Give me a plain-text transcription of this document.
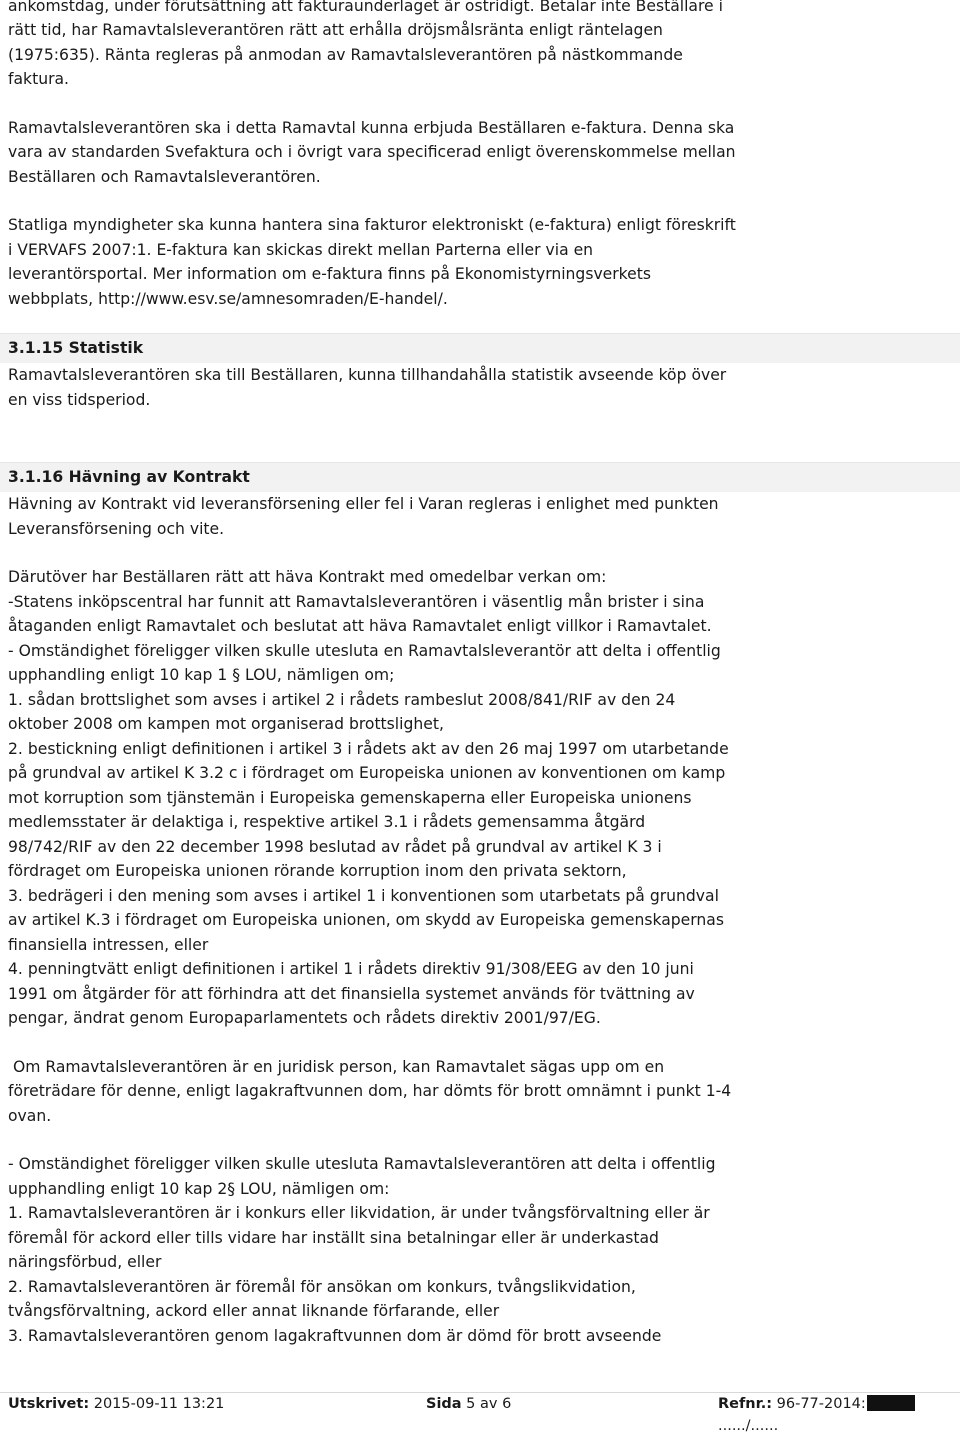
ankomstdag, under förutsättning att fakturaunderlaget är ostridigt. Betalar inte Beställare i

rätt tid, har Ramavtalsleverantören rätt att erhålla dröjsmålsränta enligt räntelagen

(1975:635). Ränta regleras på anmodan av Ramavtalsleverantören på nästkommande

faktura.

Ramavtalsleverantören ska i detta Ramavtal kunna erbjuda Beställaren e-faktura. Denna ska

vara av standarden Svefaktura och i övrigt vara specificerad enligt överenskommelse mellan

Beställaren och Ramavtalsleverantören.

Statliga myndigheter ska kunna hantera sina fakturor elektroniskt (e-faktura) enligt föreskrift

i VERVAFS 2007:1. E-faktura kan skickas direkt mellan Parterna eller via en

leverantörsportal. Mer information om e-faktura finns på Ekonomistyrningsverkets

webbplats, http://www.esv.se/amnesomraden/E-handel/.

3.1.15 Statistik

Ramavtalsleverantören ska till Beställaren, kunna tillhandahålla statistik avseende köp över

en viss tidsperiod.

3.1.16 Hävning av Kontrakt

Hävning av Kontrakt vid leveransförsening eller fel i Varan regleras i enlighet med punkten

Leveransförsening och vite.

Därutöver har Beställaren rätt att häva Kontrakt med omedelbar verkan om:

-Statens inköpscentral har funnit att Ramavtalsleverantören i väsentlig mån brister i sina

åtaganden enligt Ramavtalet och beslutat att häva Ramavtalet enligt villkor i Ramavtalet.

- Omständighet föreligger vilken skulle utesluta en Ramavtalsleverantör att delta i offentlig

upphandling enligt 10 kap 1 § LOU, nämligen om;

1. sådan brottslighet som avses i artikel 2 i rådets rambeslut 2008/841/RIF av den 24

oktober 2008 om kampen mot organiserad brottslighet,

2. bestickning enligt definitionen i artikel 3 i rådets akt av den 26 maj 1997 om utarbetande

på grundval av artikel K 3.2 c i fördraget om Europeiska unionen av konventionen om kamp

mot korruption som tjänstemän i Europeiska gemenskaperna eller Europeiska unionens

medlemsstater är delaktiga i, respektive artikel 3.1 i rådets gemensamma åtgärd

98/742/RIF av den 22 december 1998 beslutad av rådet på grundval av artikel K 3 i

fördraget om Europeiska unionen rörande korruption inom den privata sektorn,

3. bedrägeri i den mening som avses i artikel 1 i konventionen som utarbetats på grundval

av artikel K.3 i fördraget om Europeiska unionen, om skydd av Europeiska gemenskapernas

finansiella intressen, eller

4. penningtvätt enligt definitionen i artikel 1 i rådets direktiv 91/308/EEG av den 10 juni

1991 om åtgärder för att förhindra att det finansiella systemet används för tvättning av

pengar, ändrat genom Europaparlamentets och rådets direktiv 2001/97/EG.

Om Ramavtalsleverantören är en juridisk person, kan Ramavtalet sägas upp om en

företrädare för denne, enligt lagakraftvunnen dom, har dömts för brott omnämnt i punkt 1-4

ovan.

- Omständighet föreligger vilken skulle utesluta Ramavtalsleverantören att delta i offentlig

upphandling enligt 10 kap 2§ LOU, nämligen om:

1. Ramavtalsleverantören är i konkurs eller likvidation, är under tvångsförvaltning eller är

föremål för ackord eller tills vidare har inställt sina betalningar eller är underkastad

näringsförbud, eller

2. Ramavtalsleverantören är föremål för ansökan om konkurs, tvångslikvidation,

tvångsförvaltning, ackord eller annat liknande förfarande, eller

3. Ramavtalsleverantören genom lagakraftvunnen dom är dömd för brott avseende

Utskrivet: 2015-09-11 13:21	Sida 5 av 6	Refnr.: 96-77-2014:....../......
